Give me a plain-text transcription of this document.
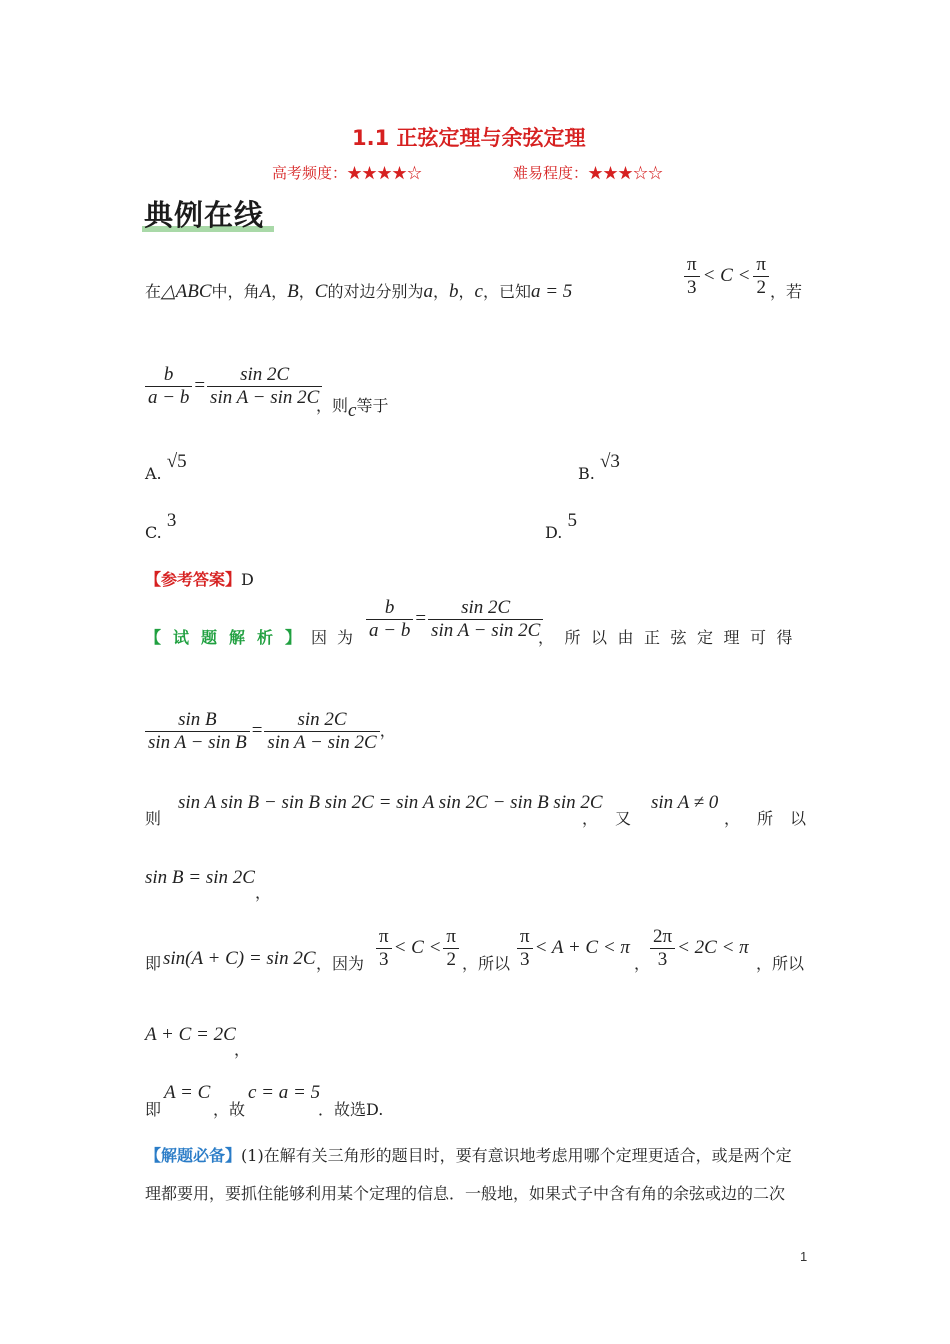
1.1 正弦定理与余弦定理
高考频度：★★★★☆	难易程度：★★★☆☆
典例在线
在△ABC中，角A，B，C的对边分别为a，b，c，已知a = 5	$\frac{\pi}{3} < C < \frac{\pi}{2}$ ，若
$\frac{b}{a - b} = \frac{\sin 2C}{\text{sin A − sin 2C}}$
，则c等于
A. √5
B. √3
C. 3
D. 5
【参考答案】D
【试题解析】
因为 $\frac{b}{a - b} = \frac{\sin 2C}{\text{sin A − sin 2C}}$
，所以由正弦定理可得
$\frac{\text{sin B}}{\text{sin A − sin B}} = \frac{\sin 2C}{\text{sin A − sin 2C}}$ ，
则
sin A sin B − sin B sin 2C = sin A sin 2C − sin B sin 2C
， 又
sin A ≠ 0
， 所 以
sin B = sin 2C
，
即 sin(A + C) = sin 2C ，因为 $\frac{\pi}{3} < C < \frac{\pi}{2}$ ，所以 $\frac{\pi}{3} < A + C < \pi$
， $\frac{2\pi}{3} < 2C < \pi$
，所以
A + C = 2C
，
即
A = C
，故
c = a = 5
．故选D.
【解题必备】(1)在解有关三角形的题目时，要有意识地考虑用哪个定理更适合，或是两个定
理都要用，要抓住能够利用某个定理的信息．一般地，如果式子中含有角的余弦或边的二次
1
